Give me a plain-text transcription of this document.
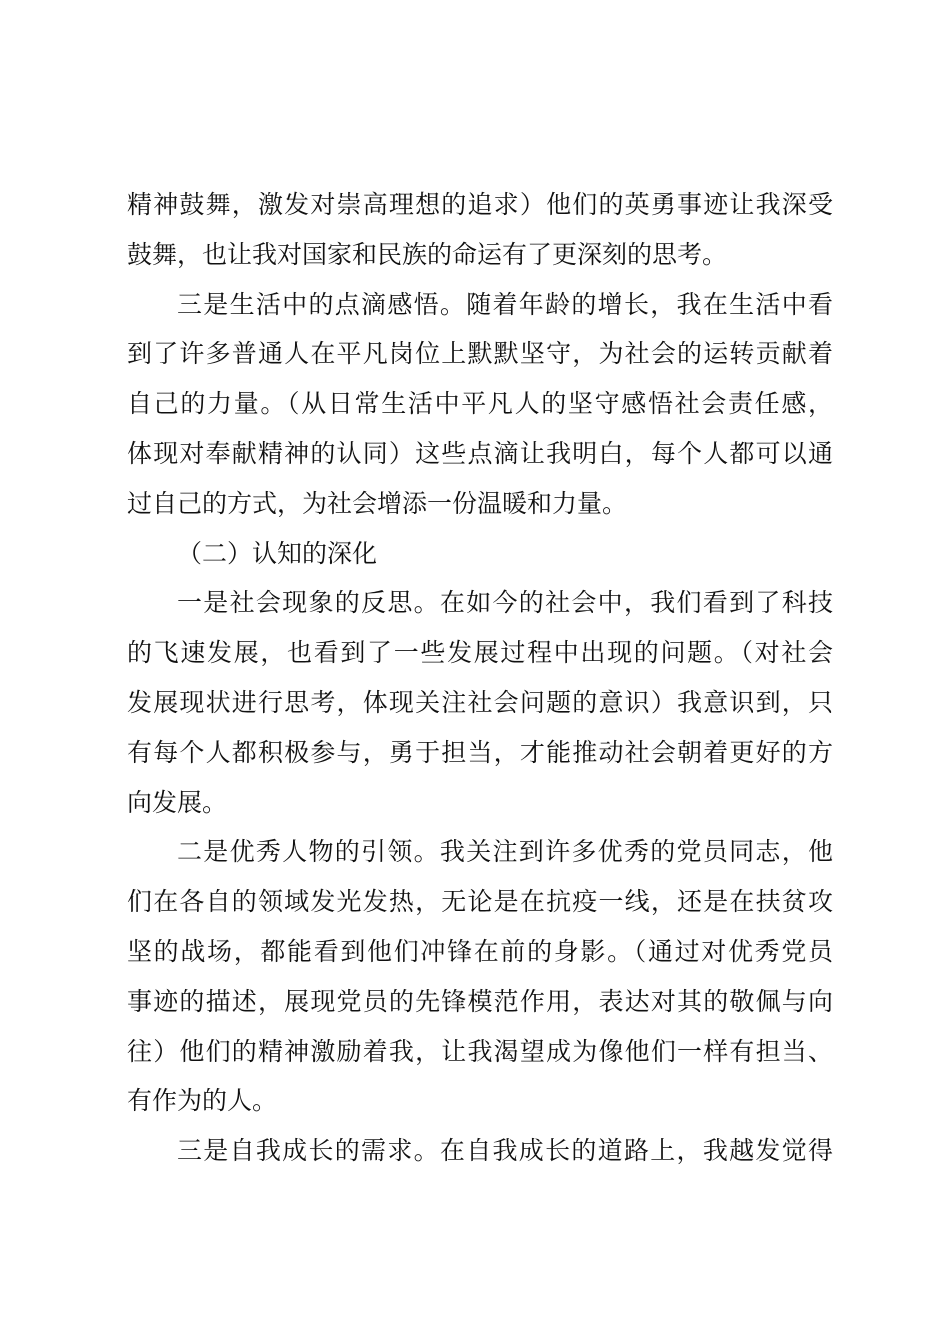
精神鼓舞，激发对崇高理想的追求）他们的英勇事迹让我深受
鼓舞，也让我对国家和民族的命运有了更深刻的思考。
三是生活中的点滴感悟。随着年龄的增长，我在生活中看
到了许多普通人在平凡岗位上默默坚守，为社会的运转贡献着
自己的力量。（从日常生活中平凡人的坚守感悟社会责任感，
体现对奉献精神的认同）这些点滴让我明白，每个人都可以通
过自己的方式，为社会增添一份温暖和力量。
（二）认知的深化
一是社会现象的反思。在如今的社会中，我们看到了科技
的飞速发展，也看到了一些发展过程中出现的问题。（对社会
发展现状进行思考，体现关注社会问题的意识）我意识到，只
有每个人都积极参与，勇于担当，才能推动社会朝着更好的方
向发展。
二是优秀人物的引领。我关注到许多优秀的党员同志，他
们在各自的领域发光发热，无论是在抗疫一线，还是在扶贫攻
坚的战场，都能看到他们冲锋在前的身影。（通过对优秀党员
事迹的描述，展现党员的先锋模范作用，表达对其的敬佩与向
往）他们的精神激励着我，让我渴望成为像他们一样有担当、
有作为的人。
三是自我成长的需求。在自我成长的道路上，我越发觉得
